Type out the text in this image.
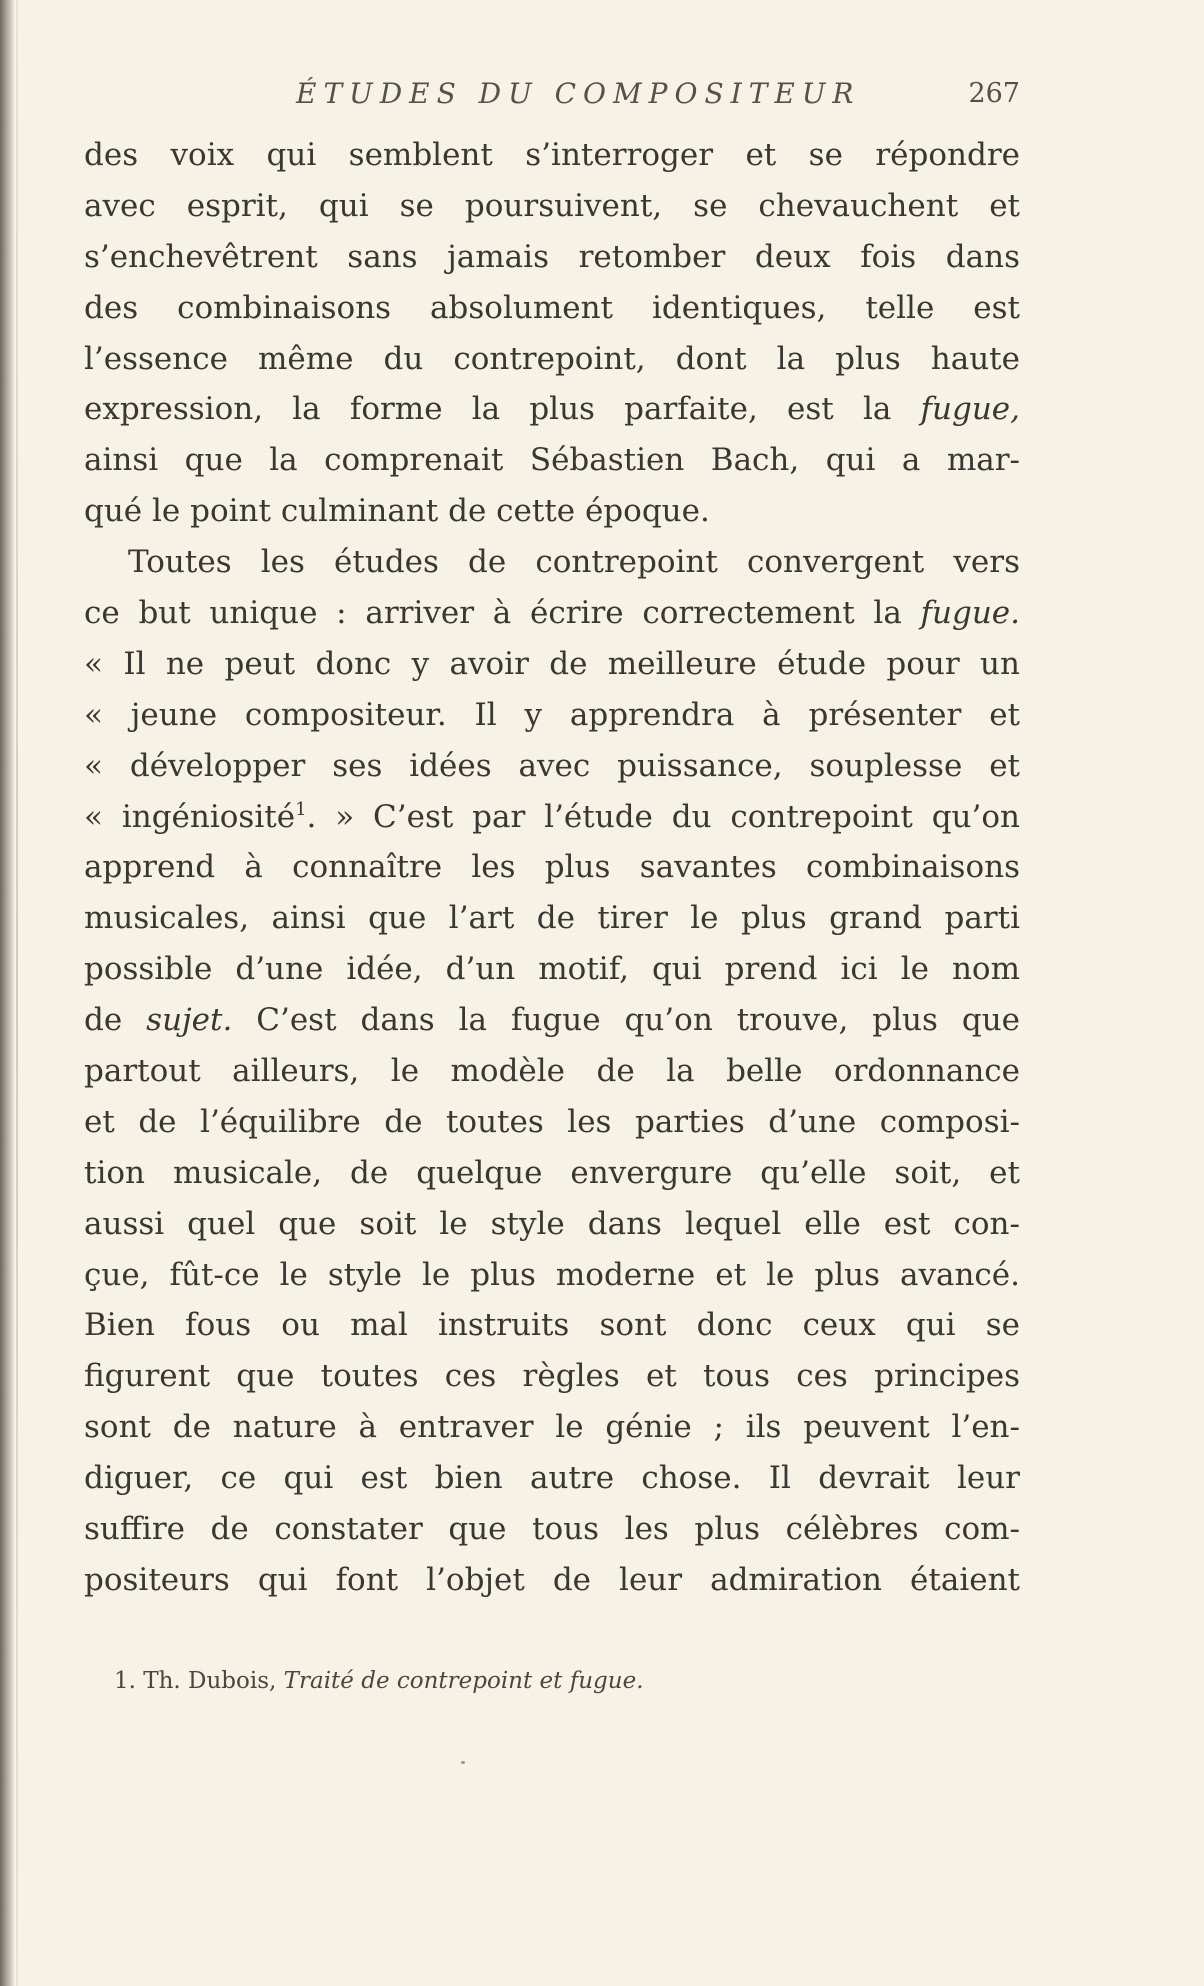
ÉTUDES DU COMPOSITEUR	267
des voix qui semblent s’interroger et se répondre
avec esprit, qui se poursuivent, se chevauchent et
s’enchevêtrent sans jamais retomber deux fois dans
des combinaisons absolument identiques, telle est
l’essence même du contrepoint, dont la plus haute
expression, la forme la plus parfaite, est la fugue,
ainsi que la comprenait Sébastien Bach, qui a mar-
qué le point culminant de cette époque.
Toutes les études de contrepoint convergent vers
ce but unique : arriver à écrire correctement la fugue.
« Il ne peut donc y avoir de meilleure étude pour un
« jeune compositeur. Il y apprendra à présenter et
« développer ses idées avec puissance, souplesse et
« ingéniosité$^1$. » C’est par l’étude du contrepoint qu’on
apprend à connaître les plus savantes combinaisons
musicales, ainsi que l’art de tirer le plus grand parti
possible d’une idée, d’un motif, qui prend ici le nom
de sujet. C’est dans la fugue qu’on trouve, plus que
partout ailleurs, le modèle de la belle ordonnance
et de l’équilibre de toutes les parties d’une composi-
tion musicale, de quelque envergure qu’elle soit, et
aussi quel que soit le style dans lequel elle est con-
çue, fût-ce le style le plus moderne et le plus avancé.
Bien fous ou mal instruits sont donc ceux qui se
figurent que toutes ces règles et tous ces principes
sont de nature à entraver le génie ; ils peuvent l’en-
diguer, ce qui est bien autre chose. Il devrait leur
suffire de constater que tous les plus célèbres com-
positeurs qui font l’objet de leur admiration étaient
1. Th. Dubois, Traité de contrepoint et fugue.
